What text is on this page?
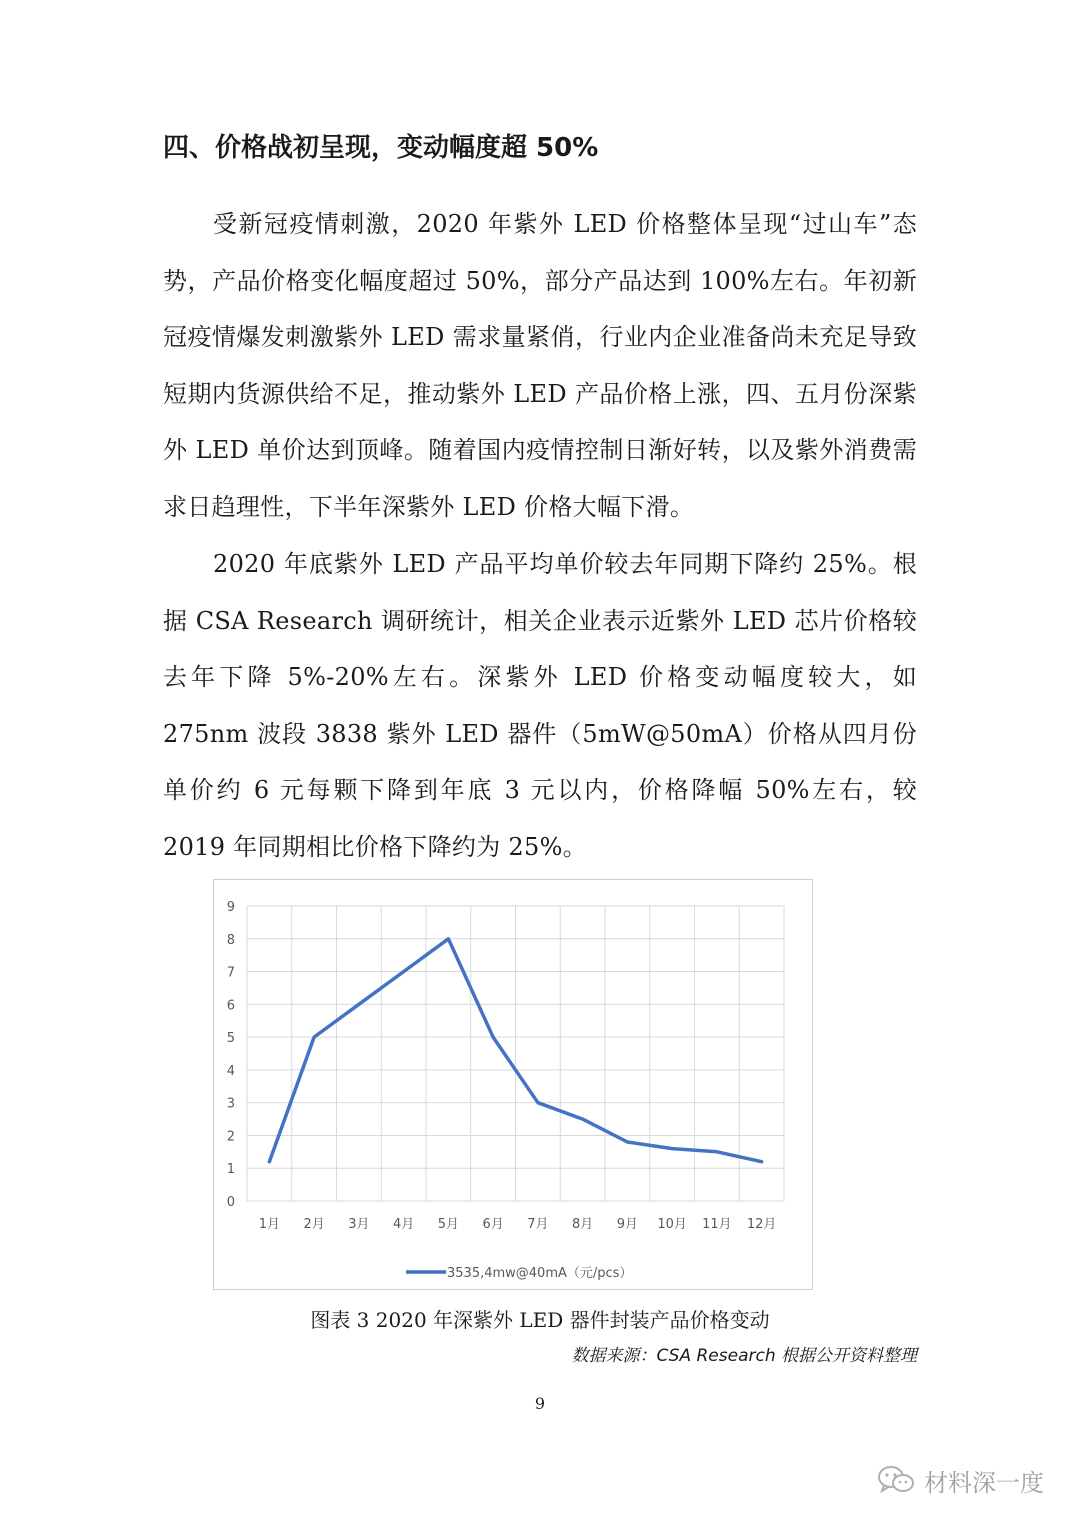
四、价格战初呈现，变动幅度超 50%

受新冠疫情刺激，2020 年紫外 LED 价格整体呈现“过山车”态势，产品价格变化幅度超过 50%，部分产品达到 100%左右。年初新冠疫情爆发刺激紫外 LED 需求量紧俏，行业内企业准备尚未充足导致短期内货源供给不足，推动紫外 LED 产品价格上涨，四、五月份深紫外 LED 单价达到顶峰。随着国内疫情控制日渐好转，以及紫外消费需求日趋理性，下半年深紫外 LED 价格大幅下滑。

2020 年底紫外 LED 产品平均单价较去年同期下降约 25%。根据 CSA Research 调研统计，相关企业表示近紫外 LED 芯片价格较去年下降 5%-20%左右。深紫外 LED 价格变动幅度较大，如 275nm 波段 3838 紫外 LED 器件（5mW@50mA）价格从四月份单价约 6 元每颗下降到年底 3 元以内，价格降幅 50%左右，较 2019 年同期相比价格下降约为 25%。

0
1
2
3
4
5
6
7
8
9
1月 2月 3月 4月 5月 6月 7月 8月 9月 10月 11月 12月
3535,4mw@40mA（元/pcs）

图表 3 2020 年深紫外 LED 器件封装产品价格变动

数据来源：CSA Research 根据公开资料整理

9
材料深一度
